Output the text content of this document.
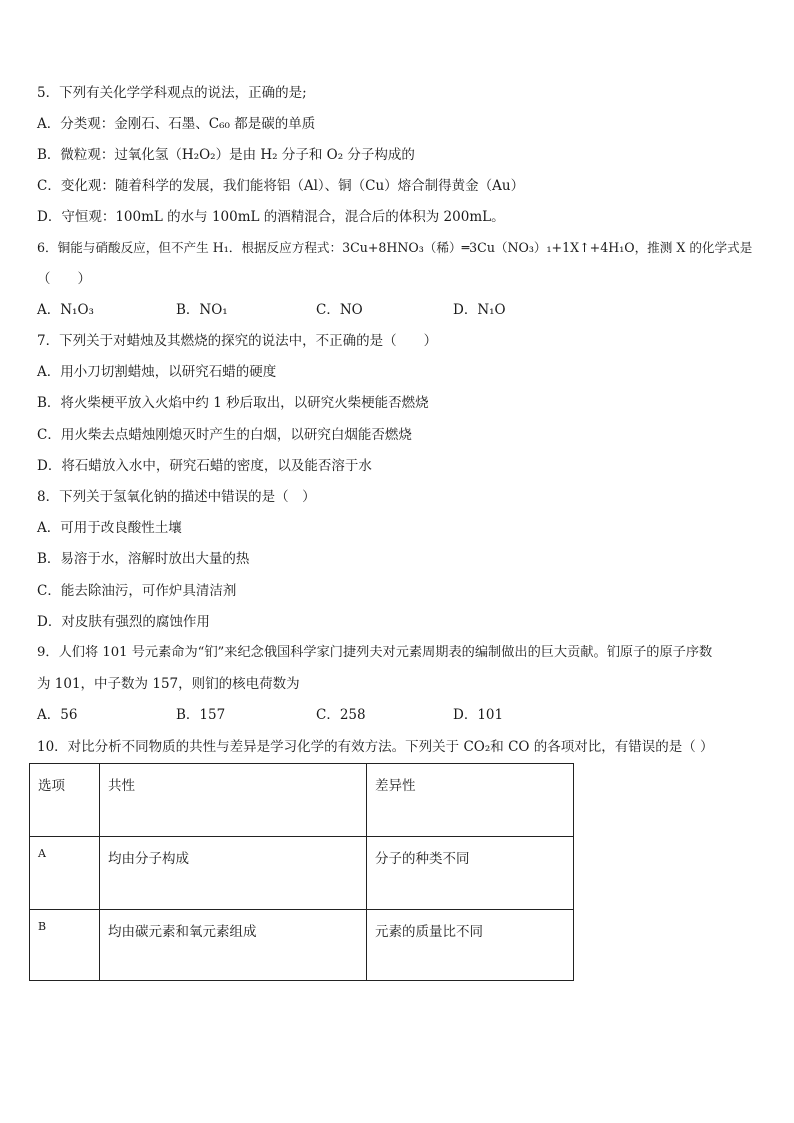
5．下列有关化学学科观点的说法，正确的是;
A．分类观：金刚石、石墨、C₆₀ 都是碳的单质
B．微粒观：过氧化氢（H₂O₂）是由 H₂ 分子和 O₂ 分子构成的
C．变化观：随着科学的发展，我们能将铝（Al）、铜（Cu）熔合制得黄金（Au）
D．守恒观：100mL 的水与 100mL 的酒精混合，混合后的体积为 200mL。
6．铜能与硝酸反应，但不产生 H₁．根据反应方程式：3Cu+8HNO₃（稀）═3Cu（NO₃）₁+1X↑+4H₁O，推测 X 的化学式是
（　　）
A．N₁O₃	B．NO₁	C．NO	D．N₁O
7．下列关于对蜡烛及其燃烧的探究的说法中，不正确的是（　　）
A．用小刀切割蜡烛，以研究石蜡的硬度
B．将火柴梗平放入火焰中约 1 秒后取出，以研究火柴梗能否燃烧
C．用火柴去点蜡烛刚熄灭时产生的白烟，以研究白烟能否燃烧
D．将石蜡放入水中，研究石蜡的密度，以及能否溶于水
8．下列关于氢氧化钠的描述中错误的是（　）
A．可用于改良酸性土壤
B．易溶于水，溶解时放出大量的热
C．能去除油污，可作炉具清洁剂
D．对皮肤有强烈的腐蚀作用
9．人们将 101 号元素命为“钔”来纪念俄国科学家门捷列夫对元素周期表的编制做出的巨大贡献。钔原子的原子序数
为 101，中子数为 157，则钔的核电荷数为
A．56	B．157	C．258	D．101
10．对比分析不同物质的共性与差异是学习化学的有效方法。下列关于 CO₂和 CO 的各项对比，有错误的是（ ）
选项	共性	差异性
A	均由分子构成	分子的种类不同
B	均由碳元素和氧元素组成	元素的质量比不同
